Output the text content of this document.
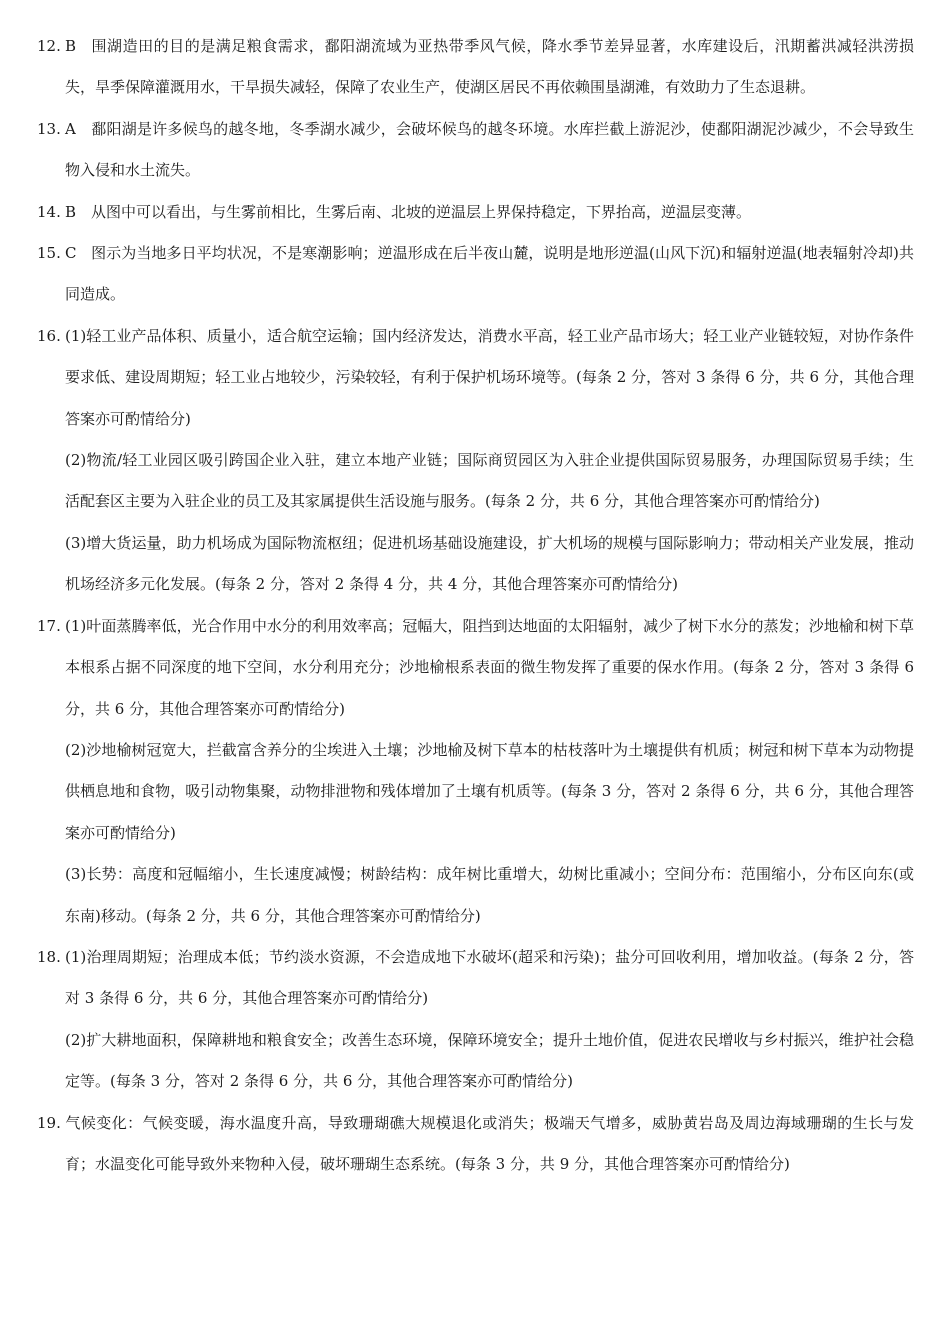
12. B 围湖造田的目的是满足粮食需求，鄱阳湖流域为亚热带季风气候，降水季节差异显著，水库建设后，汛期蓄洪减轻洪涝损失，旱季保障灌溉用水，干旱损失减轻，保障了农业生产，使湖区居民不再依赖围垦湖滩，有效助力了生态退耕。

13. A 鄱阳湖是许多候鸟的越冬地，冬季湖水减少，会破坏候鸟的越冬环境。水库拦截上游泥沙，使鄱阳湖泥沙减少，不会导致生物入侵和水土流失。

14. B 从图中可以看出，与生雾前相比，生雾后南、北坡的逆温层上界保持稳定，下界抬高，逆温层变薄。

15. C 图示为当地多日平均状况，不是寒潮影响；逆温形成在后半夜山麓，说明是地形逆温(山风下沉)和辐射逆温(地表辐射冷却)共同造成。

16. (1)轻工业产品体积、质量小，适合航空运输；国内经济发达，消费水平高，轻工业产品市场大；轻工业产业链较短，对协作条件要求低、建设周期短；轻工业占地较少，污染较轻，有利于保护机场环境等。(每条 2 分，答对 3 条得 6 分，共 6 分，其他合理答案亦可酌情给分)

(2)物流/轻工业园区吸引跨国企业入驻，建立本地产业链；国际商贸园区为入驻企业提供国际贸易服务，办理国际贸易手续；生活配套区主要为入驻企业的员工及其家属提供生活设施与服务。(每条 2 分，共 6 分，其他合理答案亦可酌情给分)

(3)增大货运量，助力机场成为国际物流枢纽；促进机场基础设施建设，扩大机场的规模与国际影响力；带动相关产业发展，推动机场经济多元化发展。(每条 2 分，答对 2 条得 4 分，共 4 分，其他合理答案亦可酌情给分)

17. (1)叶面蒸腾率低，光合作用中水分的利用效率高；冠幅大，阻挡到达地面的太阳辐射，减少了树下水分的蒸发；沙地榆和树下草本根系占据不同深度的地下空间，水分利用充分；沙地榆根系表面的微生物发挥了重要的保水作用。(每条 2 分，答对 3 条得 6 分，共 6 分，其他合理答案亦可酌情给分)

(2)沙地榆树冠宽大，拦截富含养分的尘埃进入土壤；沙地榆及树下草本的枯枝落叶为土壤提供有机质；树冠和树下草本为动物提供栖息地和食物，吸引动物集聚，动物排泄物和残体增加了土壤有机质等。(每条 3 分，答对 2 条得 6 分，共 6 分，其他合理答案亦可酌情给分)

(3)长势：高度和冠幅缩小，生长速度减慢；树龄结构：成年树比重增大，幼树比重减小；空间分布：范围缩小，分布区向东(或东南)移动。(每条 2 分，共 6 分，其他合理答案亦可酌情给分)

18. (1)治理周期短；治理成本低；节约淡水资源，不会造成地下水破坏(超采和污染)；盐分可回收利用，增加收益。(每条 2 分，答对 3 条得 6 分，共 6 分，其他合理答案亦可酌情给分)

(2)扩大耕地面积，保障耕地和粮食安全；改善生态环境，保障环境安全；提升土地价值，促进农民增收与乡村振兴，维护社会稳定等。(每条 3 分，答对 2 条得 6 分，共 6 分，其他合理答案亦可酌情给分)

19. 气候变化：气候变暖，海水温度升高，导致珊瑚礁大规模退化或消失；极端天气增多，威胁黄岩岛及周边海域珊瑚的生长与发育；水温变化可能导致外来物种入侵，破坏珊瑚生态系统。(每条 3 分，共 9 分，其他合理答案亦可酌情给分)
